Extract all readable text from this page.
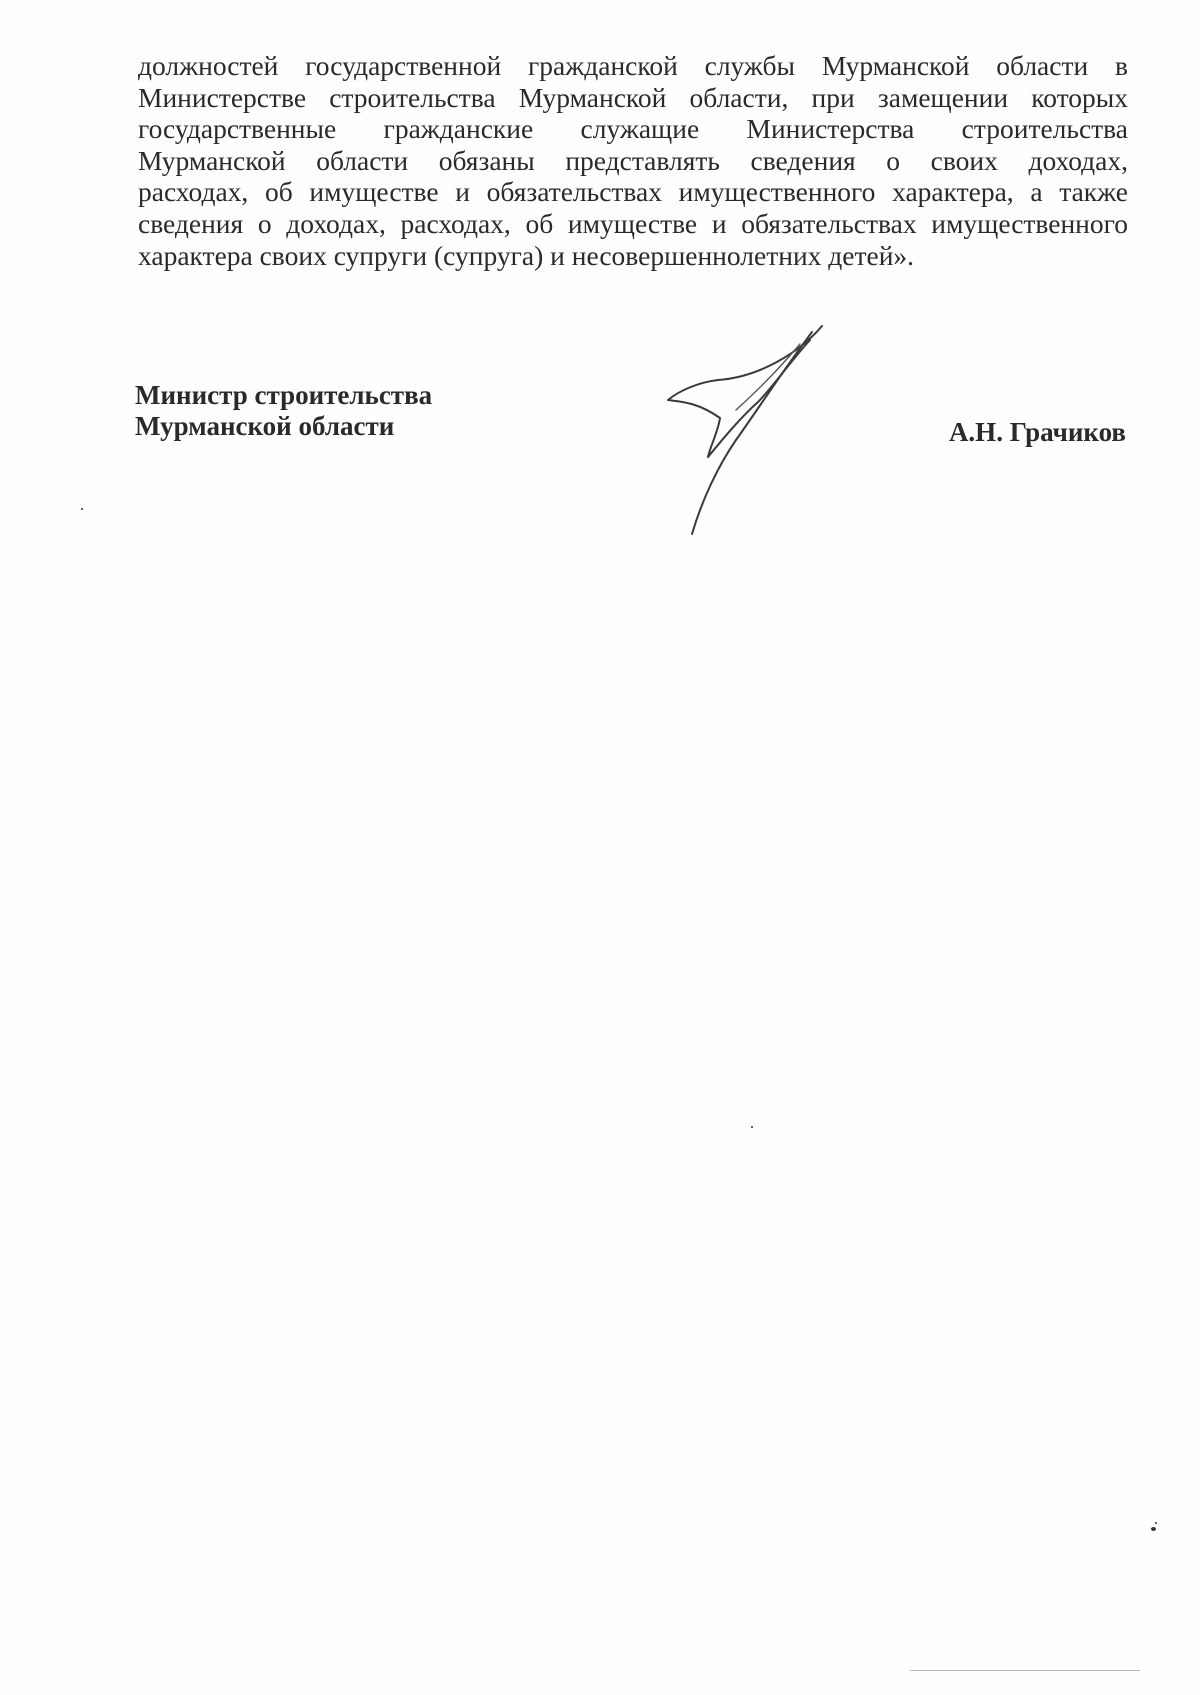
должностей государственной гражданской службы Мурманской области в
Министерстве строительства Мурманской области, при замещении которых
государственные гражданские служащие Министерства строительства
Мурманской области обязаны представлять сведения о своих доходах,
расходах, об имуществе и обязательствах имущественного характера, а также
сведения о доходах, расходах, об имуществе и обязательствах имущественного
характера своих супруги (супруга) и несовершеннолетних детей».
Министр строительства
Мурманской области	А.Н. Грачиков
